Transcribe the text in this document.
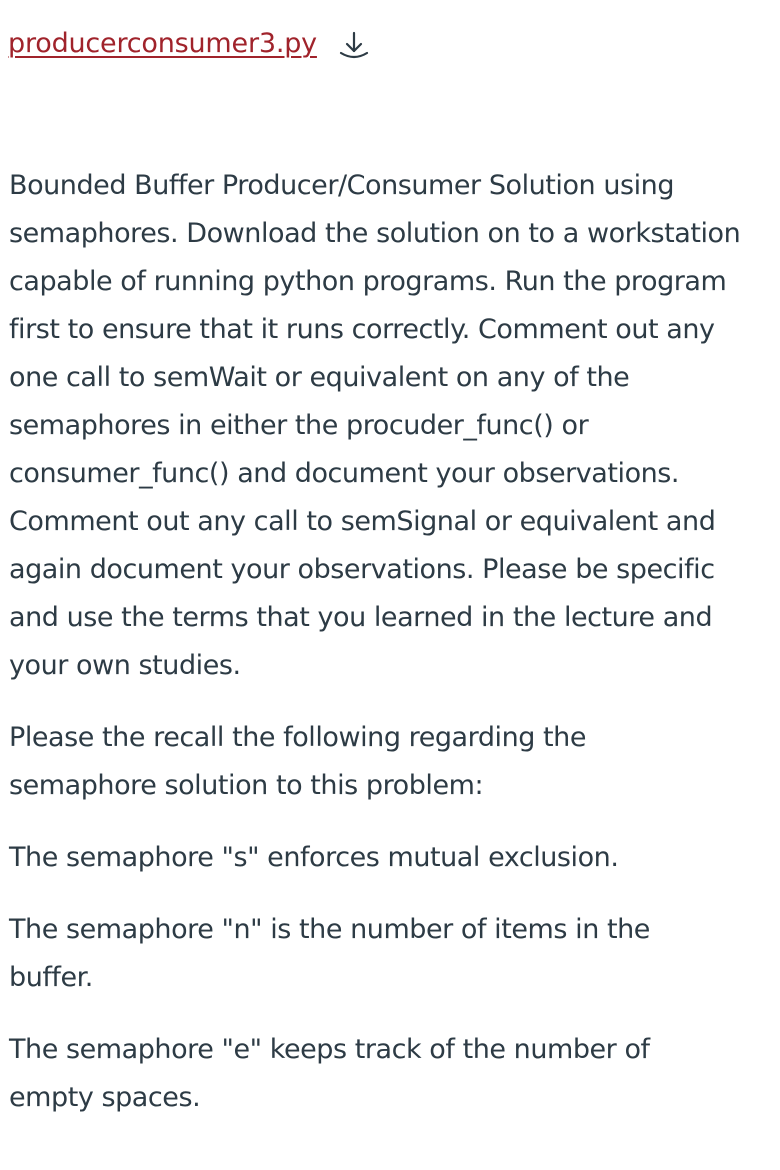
producerconsumer3.py

Bounded Buffer Producer/Consumer Solution using semaphores. Download the solution on to a workstation capable of running python programs. Run the program first to ensure that it runs correctly. Comment out any one call to semWait or equivalent on any of the semaphores in either the procuder_func() or consumer_func() and document your observations. Comment out any call to semSignal or equivalent and again document your observations. Please be specific and use the terms that you learned in the lecture and your own studies.

Please the recall the following regarding the semaphore solution to this problem:

The semaphore "s" enforces mutual exclusion.

The semaphore "n" is the number of items in the buffer.

The semaphore "e" keeps track of the number of empty spaces.
